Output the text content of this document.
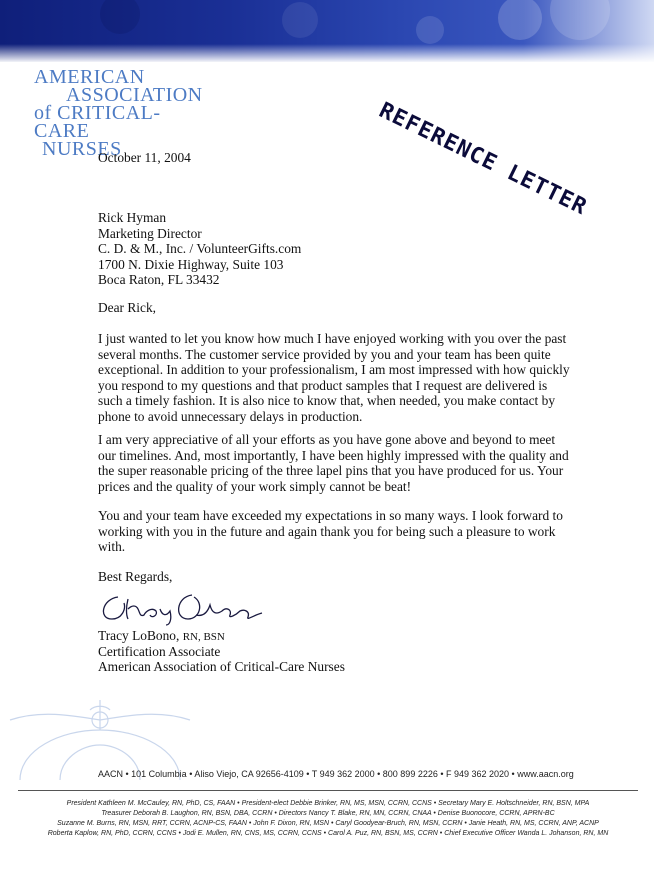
AMERICAN
ASSOCIATION
of CRITICAL-CARE
NURSES	REFERENCE LETTER
October 11, 2004
Rick Hyman
Marketing Director
C. D. & M., Inc. / VolunteerGifts.com
1700 N. Dixie Highway, Suite 103
Boca Raton, FL 33432
Dear Rick,
I just wanted to let you know how much I have enjoyed working with you over the past several months. The customer service provided by you and your team has been quite exceptional. In addition to your professionalism, I am most impressed with how quickly you respond to my questions and that product samples that I request are delivered is such a timely fashion. It is also nice to know that, when needed, you make contact by phone to avoid unnecessary delays in production.
I am very appreciative of all your efforts as you have gone above and beyond to meet our timelines. And, most importantly, I have been highly impressed with the quality and the super reasonable pricing of the three lapel pins that you have produced for us. Your prices and the quality of your work simply cannot be beat!
You and your team have exceeded my expectations in so many ways. I look forward to working with you in the future and again thank you for being such a pleasure to work with.
Best Regards,
Tracy LoBono, RN, BSN
Certification Associate
American Association of Critical-Care Nurses
AACN • 101 Columbia • Aliso Viejo, CA 92656-4109 • T 949 362 2000 • 800 899 2226 • F 949 362 2020 • www.aacn.org
President Kathleen M. McCauley, RN, PhD, CS, FAAN • President-elect Debbie Brinker, RN, MS, MSN, CCRN, CCNS • Secretary Mary E. Holtschneider, RN, BSN, MPA
Treasurer Deborah B. Laughon, RN, BSN, DBA, CCRN • Directors Nancy T. Blake, RN, MN, CCRN, CNAA • Denise Buonocore, CCRN, APRN-BC
Suzanne M. Burns, RN, MSN, RRT, CCRN, ACNP-CS, FAAN • John F. Dixon, RN, MSN • Caryl Goodyear-Bruch, RN, MSN, CCRN • Janie Heath, RN, MS, CCRN, ANP, ACNP
Roberta Kaplow, RN, PhD, CCRN, CCNS • Jodi E. Mullen, RN, CNS, MS, CCRN, CCNS • Carol A. Puz, RN, BSN, MS, CCRN • Chief Executive Officer Wanda L. Johanson, RN, MN
